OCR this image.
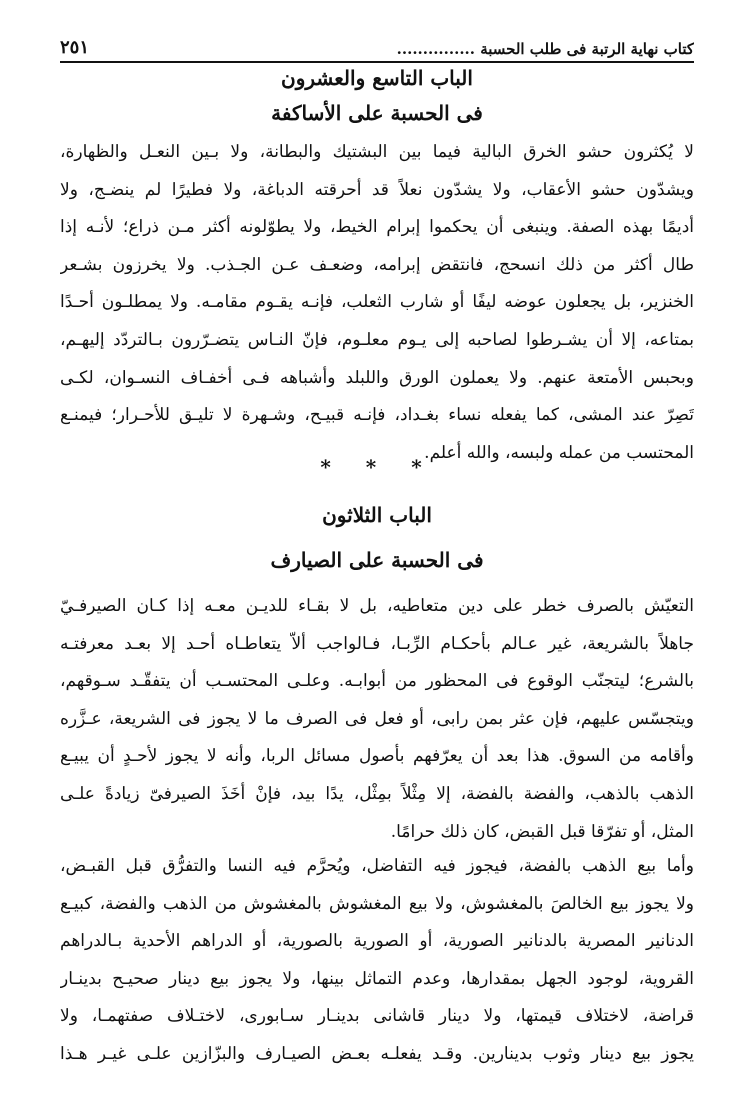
كتاب نهاية الرتبة فى طلب الحسبة ...............
٢٥١
الباب التاسع والعشرون
فى الحسبة على الأساكفة
لا يُكثرون حشو الخرق البالية فيما بين البشتيك والبطانة، ولا بـين النعـل والظهارة،
ويشدّون حشو الأعقاب، ولا يشدّون نعلاً قد أحرقته الدباغة، ولا فطيرًا لم ينضـج، ولا
أديمًا بهذه الصفة. وينبغى أن يحكموا إبرام الخيط، ولا يطوّلونه أكثر مـن ذراع؛ لأنـه إذا
طال أكثر من ذلك انسحج، فانتقض إبرامه، وضعـف عـن الجـذب. ولا يخرزون بشـعر
الخنزير، بل يجعلون عوضه ليفًا أو شارب الثعلب، فإنـه يقـوم مقامـه. ولا يمطلـون أحـدًا
بمتاعه، إلا أن يشـرطوا لصاحبه إلى يـوم معلـوم، فإنّ النـاس يتضـرّرون بـالتردّد إليهـم،
وبحبس الأمتعة عنهم. ولا يعملون الورق واللبلد وأشباهه فـى أخفـاف النسـوان، لكـى
تَصِرّ عند المشى، كما يفعله نساء بغـداد، فإنـه قبيـح، وشـهرة لا تليـق للأحـرار؛ فيمنـع
المحتسب من عمله ولبسه، والله أعلم.
* * *
الباب الثلاثون
فى الحسبة على الصيارف
التعيّش بالصرف خطر على دين متعاطيه، بل لا بقـاء للديـن معـه إذا كـان الصيرفـيّ
جاهلاً بالشريعة، غير عـالم بأحكـام الرِّبـا، فـالواجب ألاّ يتعاطـاه أحـد إلا بعـد معرفتـه
بالشرع؛ ليتجنّب الوقوع فى المحظور من أبوابـه. وعلـى المحتسـب أن يتفقّـد سـوقهم،
ويتجسّس عليهم، فإن عثر بمن رابى، أو فعل فى الصرف ما لا يجوز فى الشريعة، عـزَّره
وأقامه من السوق. هذا بعد أن يعرّفهم بأصول مسائل الربا، وأنه لا يجوز لأحـدٍ أن يبيـع
الذهب بالذهب، والفضة بالفضة، إلا مِثْلاً بمِثْل، يدًا بيد، فإنْ أخَذَ الصيرفىّ زيادةً علـى
المثل، أو تفرّقا قبل القبض، كان ذلك حرامًا.
وأما بيع الذهب بالفضة، فيجوز فيه التفاضل، ويُحرَّم فيه النسا والتفرُّق قبل القبـض،
ولا يجوز بيع الخالصَ بالمغشوش، ولا بيع المغشوش بالمغشوش من الذهب والفضة، كبيـع
الدنانير المصرية بالدنانير الصورية، أو الصورية بالصورية، أو الدراهم الأحدية بـالدراهم
القروية، لوجود الجهل بمقدارها، وعدم التماثل بينها، ولا يجوز بيع دينار صحيـح بدينـار
قراضة، لاختلاف قيمتها، ولا دينار قاشانى بدينـار سـابورى، لاختـلاف صفتهمـا، ولا
يجوز بيع دينار وثوب بدينارين. وقـد يفعلـه بعـض الصيـارف والبزّازين علـى غيـر هـذا
